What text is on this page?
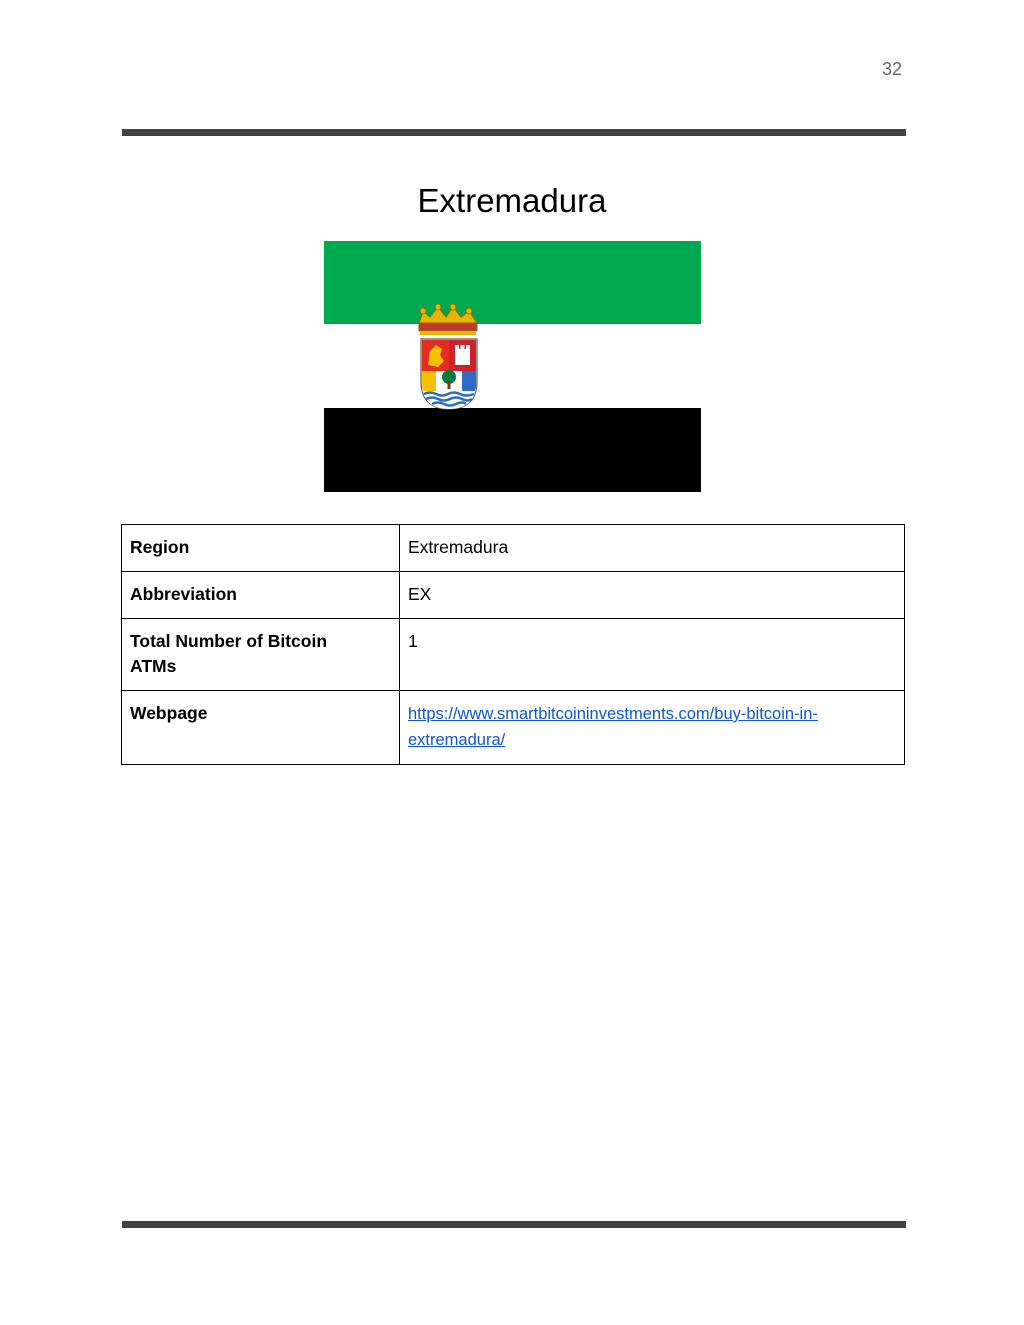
32
Extremadura
Region	Extremadura
Abbreviation	EX
Total Number of Bitcoin ATMs	1
Webpage	https://www.smartbitcoininvestments.com/buy-bitcoin-in-extremadura/
